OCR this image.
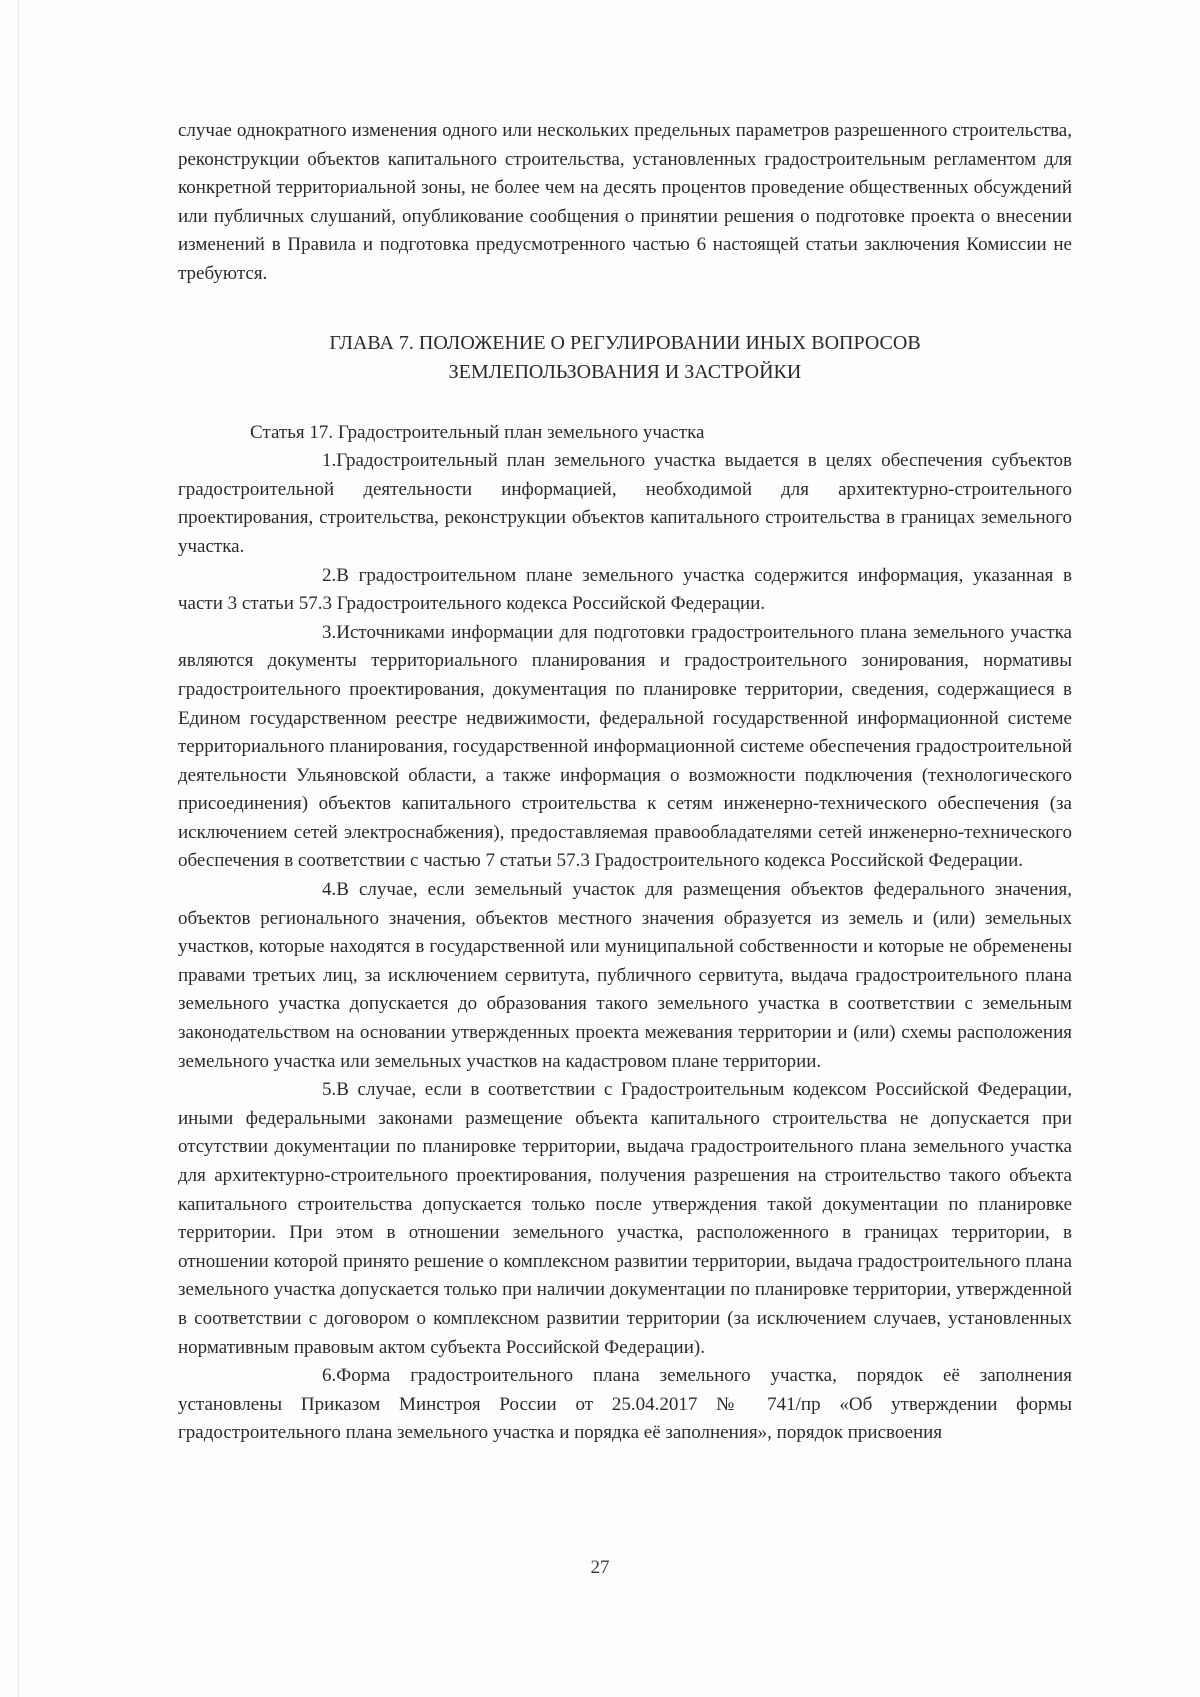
случае однократного изменения одного или нескольких предельных параметров разрешенного строительства, реконструкции объектов капитального строительства, установленных градостроительным регламентом для конкретной территориальной зоны, не более чем на десять процентов проведение общественных обсуждений или публичных слушаний, опубликование сообщения о принятии решения о подготовке проекта о внесении изменений в Правила и подготовка предусмотренного частью 6 настоящей статьи заключения Комиссии не требуются.

ГЛАВА 7. ПОЛОЖЕНИЕ О РЕГУЛИРОВАНИИ ИНЫХ ВОПРОСОВ ЗЕМЛЕПОЛЬЗОВАНИЯ И ЗАСТРОЙКИ

Статья 17. Градостроительный план земельного участка

1.Градостроительный план земельного участка выдается в целях обеспечения субъектов градостроительной деятельности информацией, необходимой для архитектурно-строительного проектирования, строительства, реконструкции объектов капитального строительства в границах земельного участка.

2.В градостроительном плане земельного участка содержится информация, указанная в части 3 статьи 57.3 Градостроительного кодекса Российской Федерации.

3.Источниками информации для подготовки градостроительного плана земельного участка являются документы территориального планирования и градостроительного зонирования, нормативы градостроительного проектирования, документация по планировке территории, сведения, содержащиеся в Едином государственном реестре недвижимости, федеральной государственной информационной системе территориального планирования, государственной информационной системе обеспечения градостроительной деятельности Ульяновской области, а также информация о возможности подключения (технологического присоединения) объектов капитального строительства к сетям инженерно-технического обеспечения (за исключением сетей электроснабжения), предоставляемая правообладателями сетей инженерно-технического обеспечения в соответствии с частью 7 статьи 57.3 Градостроительного кодекса Российской Федерации.

4.В случае, если земельный участок для размещения объектов федерального значения, объектов регионального значения, объектов местного значения образуется из земель и (или) земельных участков, которые находятся в государственной или муниципальной собственности и которые не обременены правами третьих лиц, за исключением сервитута, публичного сервитута, выдача градостроительного плана земельного участка допускается до образования такого земельного участка в соответствии с земельным законодательством на основании утвержденных проекта межевания территории и (или) схемы расположения земельного участка или земельных участков на кадастровом плане территории.

5.В случае, если в соответствии с Градостроительным кодексом Российской Федерации, иными федеральными законами размещение объекта капитального строительства не допускается при отсутствии документации по планировке территории, выдача градостроительного плана земельного участка для архитектурно-строительного проектирования, получения разрешения на строительство такого объекта капитального строительства допускается только после утверждения такой документации по планировке территории. При этом в отношении земельного участка, расположенного в границах территории, в отношении которой принято решение о комплексном развитии территории, выдача градостроительного плана земельного участка допускается только при наличии документации по планировке территории, утвержденной в соответствии с договором о комплексном развитии территории (за исключением случаев, установленных нормативным правовым актом субъекта Российской Федерации).

6.Форма градостроительного плана земельного участка, порядок её заполнения установлены Приказом Минстроя России от 25.04.2017 № 741/пр «Об утверждении формы градостроительного плана земельного участка и порядка её заполнения», порядок присвоения

27
